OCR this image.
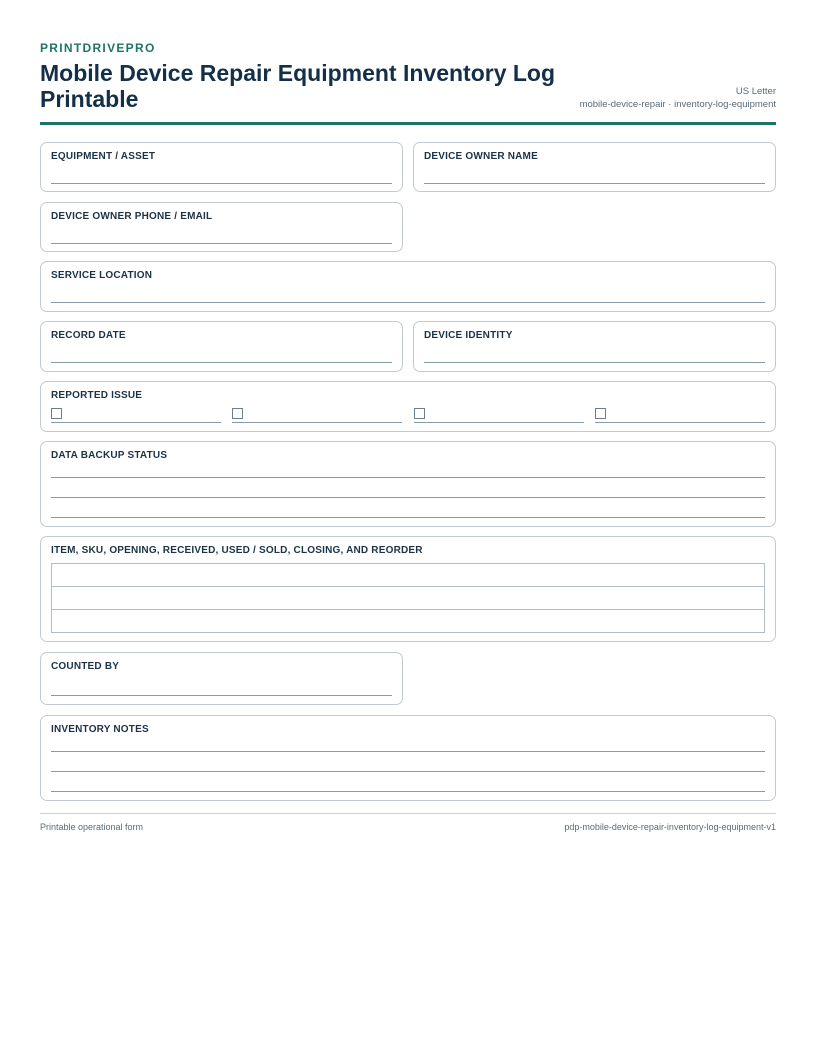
PRINTDRIVEPRO
Mobile Device Repair Equipment Inventory Log Printable	US Letter
mobile-device-repair · inventory-log-equipment
EQUIPMENT / ASSET	DEVICE OWNER NAME
DEVICE OWNER PHONE / EMAIL
SERVICE LOCATION
RECORD DATE	DEVICE IDENTITY
REPORTED ISSUE
DATA BACKUP STATUS
ITEM, SKU, OPENING, RECEIVED, USED / SOLD, CLOSING, AND REORDER

COUNTED BY
INVENTORY NOTES
Printable operational form	pdp-mobile-device-repair-inventory-log-equipment-v1
